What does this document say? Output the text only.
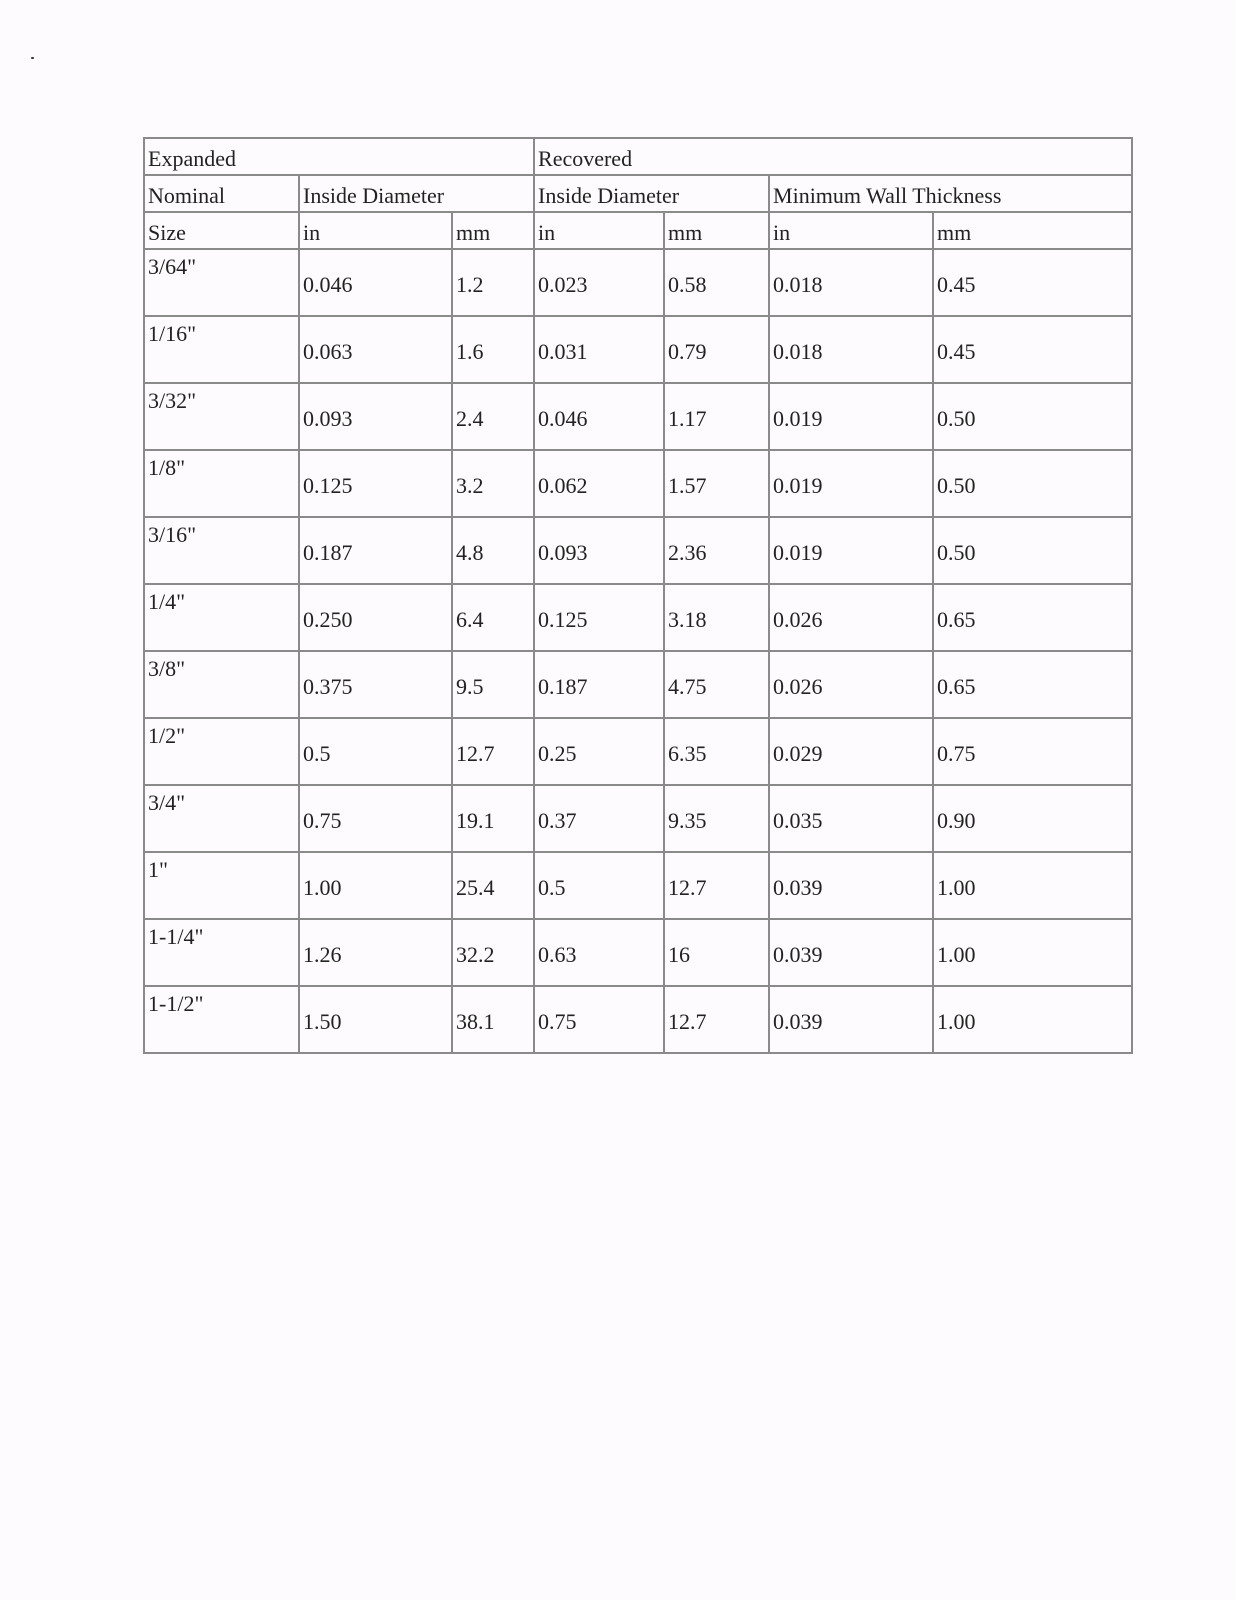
Expanded			Recovered			
Nominal	Inside Diameter		Inside Diameter		Minimum Wall Thickness	
Size	in	mm	in	mm	in	mm
3/64"	0.046	1.2	0.023	0.58	0.018	0.45
1/16"	0.063	1.6	0.031	0.79	0.018	0.45
3/32"	0.093	2.4	0.046	1.17	0.019	0.50
1/8"	0.125	3.2	0.062	1.57	0.019	0.50
3/16"	0.187	4.8	0.093	2.36	0.019	0.50
1/4"	0.250	6.4	0.125	3.18	0.026	0.65
3/8"	0.375	9.5	0.187	4.75	0.026	0.65
1/2"	0.5	12.7	0.25	6.35	0.029	0.75
3/4"	0.75	19.1	0.37	9.35	0.035	0.90
1"	1.00	25.4	0.5	12.7	0.039	1.00
1-1/4"	1.26	32.2	0.63	16	0.039	1.00
1-1/2"	1.50	38.1	0.75	12.7	0.039	1.00
